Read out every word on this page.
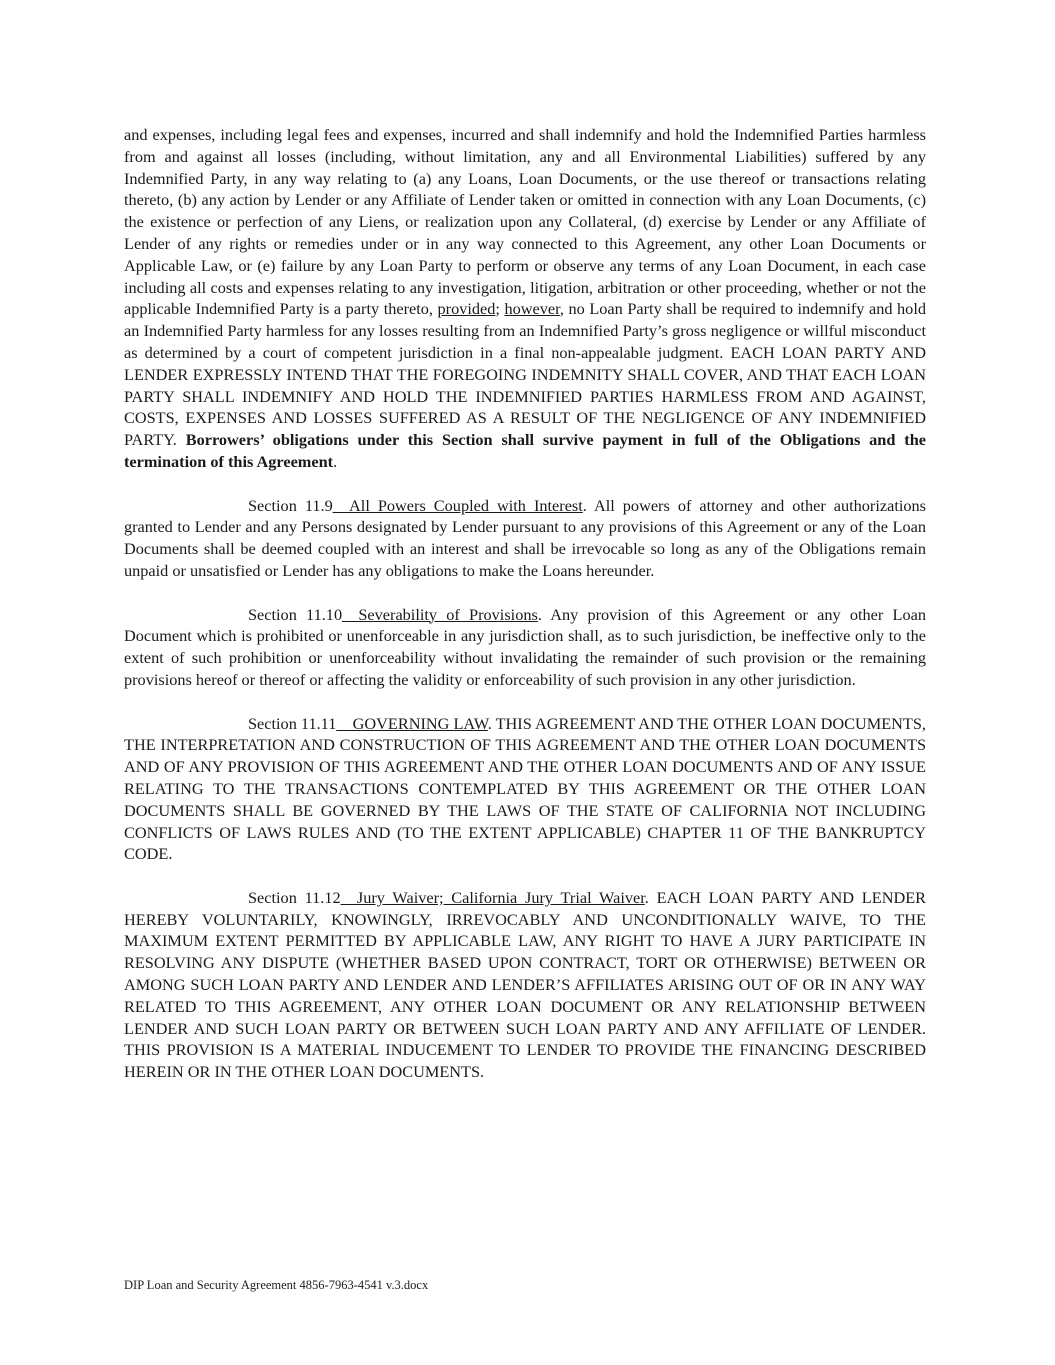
and expenses, including legal fees and expenses, incurred and shall indemnify and hold the Indemnified Parties harmless from and against all losses (including, without limitation, any and all Environmental Liabilities) suffered by any Indemnified Party, in any way relating to (a) any Loans, Loan Documents, or the use thereof or transactions relating thereto, (b) any action by Lender or any Affiliate of Lender taken or omitted in connection with any Loan Documents, (c) the existence or perfection of any Liens, or realization upon any Collateral, (d) exercise by Lender or any Affiliate of Lender of any rights or remedies under or in any way connected to this Agreement, any other Loan Documents or Applicable Law, or (e) failure by any Loan Party to perform or observe any terms of any Loan Document, in each case including all costs and expenses relating to any investigation, litigation, arbitration or other proceeding, whether or not the applicable Indemnified Party is a party thereto, provided; however, no Loan Party shall be required to indemnify and hold an Indemnified Party harmless for any losses resulting from an Indemnified Party’s gross negligence or willful misconduct as determined by a court of competent jurisdiction in a final non-appealable judgment. EACH LOAN PARTY AND LENDER EXPRESSLY INTEND THAT THE FOREGOING INDEMNITY SHALL COVER, AND THAT EACH LOAN PARTY SHALL INDEMNIFY AND HOLD THE INDEMNIFIED PARTIES HARMLESS FROM AND AGAINST, COSTS, EXPENSES AND LOSSES SUFFERED AS A RESULT OF THE NEGLIGENCE OF ANY INDEMNIFIED PARTY. Borrowers’ obligations under this Section shall survive payment in full of the Obligations and the termination of this Agreement.

Section 11.9__All Powers Coupled with Interest. All powers of attorney and other authorizations granted to Lender and any Persons designated by Lender pursuant to any provisions of this Agreement or any of the Loan Documents shall be deemed coupled with an interest and shall be irrevocable so long as any of the Obligations remain unpaid or unsatisfied or Lender has any obligations to make the Loans hereunder.

Section 11.10__Severability of Provisions. Any provision of this Agreement or any other Loan Document which is prohibited or unenforceable in any jurisdiction shall, as to such jurisdiction, be ineffective only to the extent of such prohibition or unenforceability without invalidating the remainder of such provision or the remaining provisions hereof or thereof or affecting the validity or enforceability of such provision in any other jurisdiction.

Section 11.11__GOVERNING LAW. THIS AGREEMENT AND THE OTHER LOAN DOCUMENTS, THE INTERPRETATION AND CONSTRUCTION OF THIS AGREEMENT AND THE OTHER LOAN DOCUMENTS AND OF ANY PROVISION OF THIS AGREEMENT AND THE OTHER LOAN DOCUMENTS AND OF ANY ISSUE RELATING TO THE TRANSACTIONS CONTEMPLATED BY THIS AGREEMENT OR THE OTHER LOAN DOCUMENTS SHALL BE GOVERNED BY THE LAWS OF THE STATE OF CALIFORNIA NOT INCLUDING CONFLICTS OF LAWS RULES AND (TO THE EXTENT APPLICABLE) CHAPTER 11 OF THE BANKRUPTCY CODE.

Section 11.12__Jury Waiver; California Jury Trial Waiver. EACH LOAN PARTY AND LENDER HEREBY VOLUNTARILY, KNOWINGLY, IRREVOCABLY AND UNCONDITIONALLY WAIVE, TO THE MAXIMUM EXTENT PERMITTED BY APPLICABLE LAW, ANY RIGHT TO HAVE A JURY PARTICIPATE IN RESOLVING ANY DISPUTE (WHETHER BASED UPON CONTRACT, TORT OR OTHERWISE) BETWEEN OR AMONG SUCH LOAN PARTY AND LENDER AND LENDER’S AFFILIATES ARISING OUT OF OR IN ANY WAY RELATED TO THIS AGREEMENT, ANY OTHER LOAN DOCUMENT OR ANY RELATIONSHIP BETWEEN LENDER AND SUCH LOAN PARTY OR BETWEEN SUCH LOAN PARTY AND ANY AFFILIATE OF LENDER. THIS PROVISION IS A MATERIAL INDUCEMENT TO LENDER TO PROVIDE THE FINANCING DESCRIBED HEREIN OR IN THE OTHER LOAN DOCUMENTS.

DIP Loan and Security Agreement 4856-7963-4541 v.3.docx
